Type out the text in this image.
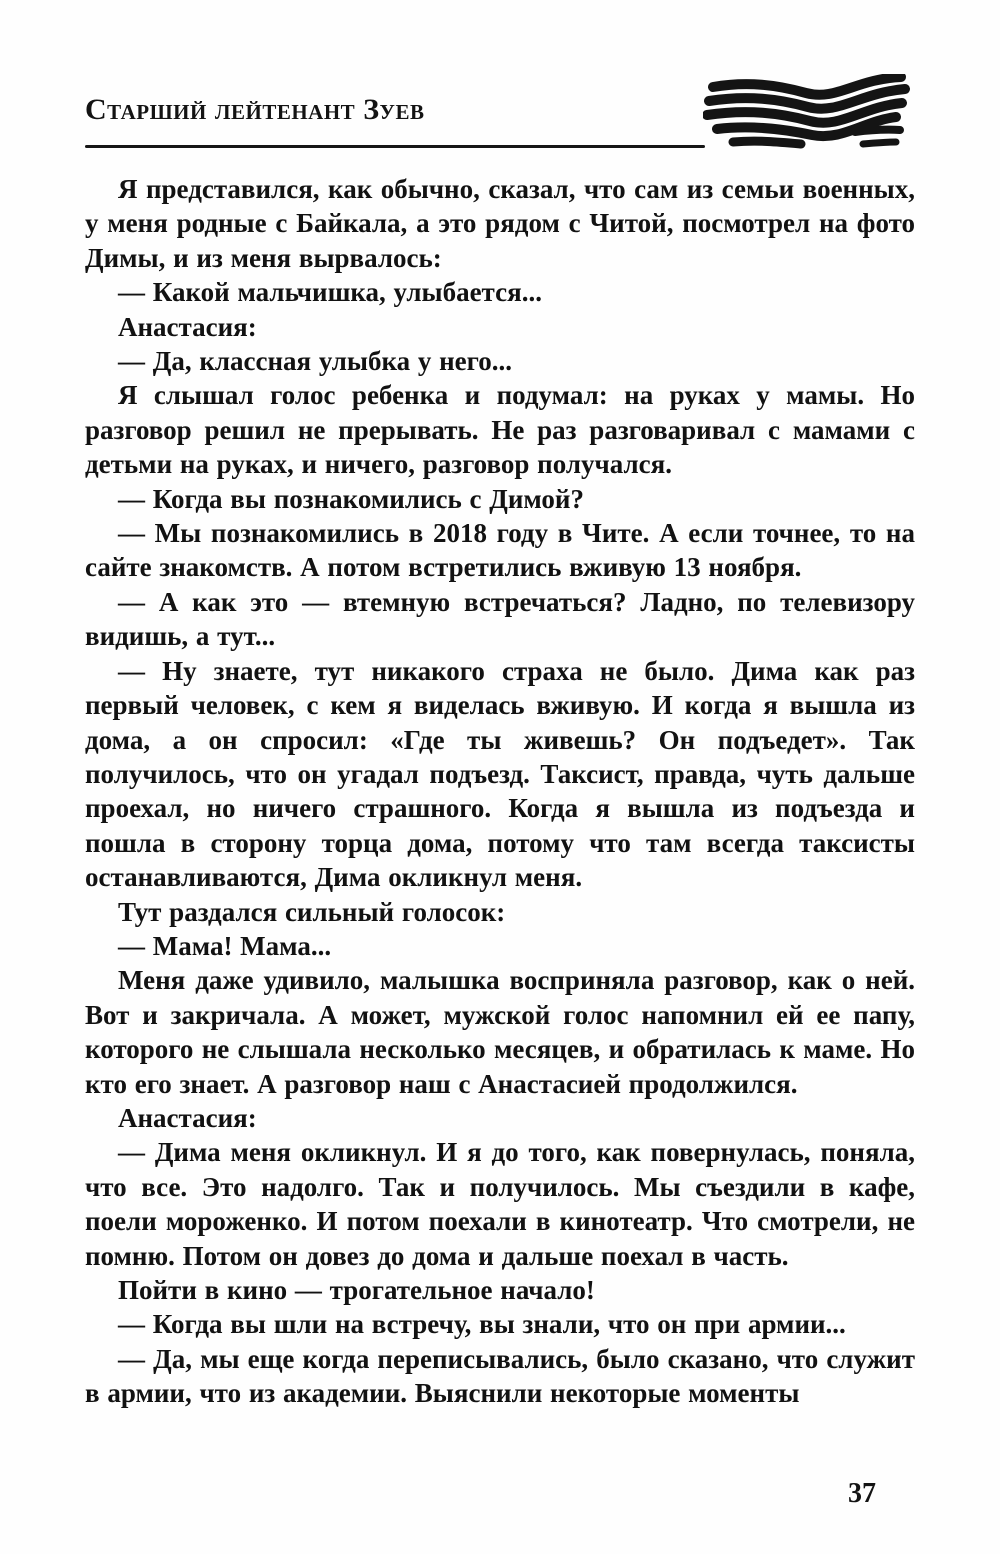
Старший лейтенант Зуев

Я представился, как обычно, сказал, что сам из семьи военных, у меня родные с Байкала, а это рядом с Читой, посмотрел на фото Димы, и из меня вырвалось:

— Какой мальчишка, улыбается...

Анастасия:

— Да, классная улыбка у него...

Я слышал голос ребенка и подумал: на руках у мамы. Но разговор решил не прерывать. Не раз разговаривал с мамами с детьми на руках, и ничего, разговор получался.

— Когда вы познакомились с Димой?

— Мы познакомились в 2018 году в Чите. А если точнее, то на сайте знакомств. А потом встретились вживую 13 ноября.

— А как это — втемную встречаться? Ладно, по телевизору видишь, а тут...

— Ну знаете, тут никакого страха не было. Дима как раз первый человек, с кем я виделась вживую. И когда я вышла из дома, а он спросил: «Где ты живешь? Он подъедет». Так получилось, что он угадал подъезд. Таксист, правда, чуть дальше проехал, но ничего страшного. Когда я вышла из подъезда и пошла в сторону торца дома, потому что там всегда таксисты останавливаются, Дима окликнул меня.

Тут раздался сильный голосок:

— Мама! Мама...

Меня даже удивило, малышка восприняла разговор, как о ней. Вот и закричала. А может, мужской голос напомнил ей ее папу, которого не слышала несколько месяцев, и обратилась к маме. Но кто его знает. А разговор наш с Анастасией продолжился.

Анастасия:

— Дима меня окликнул. И я до того, как повернулась, поняла, что все. Это надолго. Так и получилось. Мы съездили в кафе, поели мороженко. И потом поехали в кинотеатр. Что смотрели, не помню. Потом он довез до дома и дальше поехал в часть.

Пойти в кино — трогательное начало!

— Когда вы шли на встречу, вы знали, что он при армии...

— Да, мы еще когда переписывались, было сказано, что служит в армии, что из академии. Выяснили некоторые моменты

37
